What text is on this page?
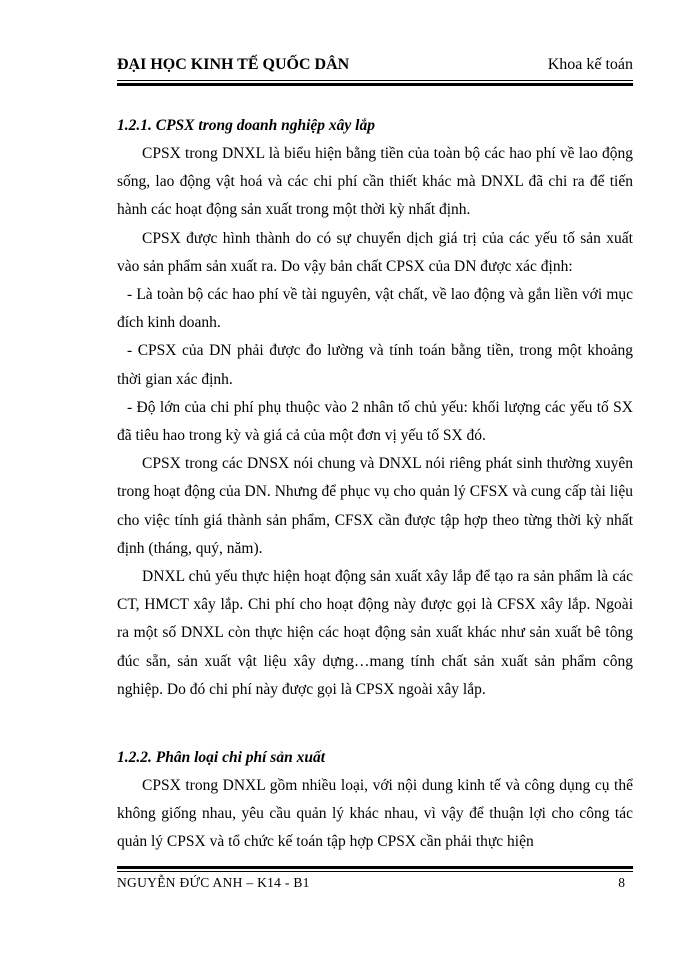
ĐẠI HỌC KINH TẾ QUỐC DÂN	Khoa kế toán
1.2.1. CPSX trong doanh nghiệp xây lắp

CPSX trong DNXL là biểu hiện bằng tiền của toàn bộ các hao phí về lao động sống, lao động vật hoá và các chi phí cần thiết khác mà DNXL đã chi ra để tiến hành các hoạt động sản xuất trong một thời kỳ nhất định.

CPSX được hình thành do có sự chuyển dịch giá trị của các yếu tố sản xuất vào sản phẩm sản xuất ra. Do vậy bản chất CPSX của DN được xác định:

- Là toàn bộ các hao phí về tài nguyên, vật chất, về lao động và gắn liền với mục đích kinh doanh.

- CPSX của DN phải được đo lường và tính toán bằng tiền, trong một khoảng thời gian xác định.

- Độ lớn của chi phí phụ thuộc vào 2 nhân tố chủ yếu: khối lượng các yếu tố SX đã tiêu hao trong kỳ và giá cả của một đơn vị yếu tố SX đó.

CPSX trong các DNSX nói chung và DNXL nói riêng phát sinh thường xuyên trong hoạt động của DN. Nhưng để phục vụ cho quản lý CFSX và cung cấp tài liệu cho việc tính giá thành sản phẩm, CFSX cần được tập hợp theo từng thời kỳ nhất định (tháng, quý, năm).

DNXL chủ yếu thực hiện hoạt động sản xuất xây lắp để tạo ra sản phẩm là các CT, HMCT xây lắp. Chi phí cho hoạt động này được gọi là CFSX xây lắp. Ngoài ra một số DNXL còn thực hiện các hoạt động sản xuất khác như sản xuất bê tông đúc sẵn, sản xuất vật liệu xây dựng…mang tính chất sản xuất sản phẩm công nghiệp. Do đó chi phí này được gọi là CPSX ngoài xây lắp.

1.2.2. Phân loại chi phí sản xuất

CPSX trong DNXL gồm nhiều loại, với nội dung kinh tế và công dụng cụ thể không giống nhau, yêu cầu quản lý khác nhau, vì vậy để thuận lợi cho công tác quản lý CPSX và tổ chức kế toán tập hợp CPSX cần phải thực hiện

NGUYỄN ĐỨC ANH – K14 - B1	8
